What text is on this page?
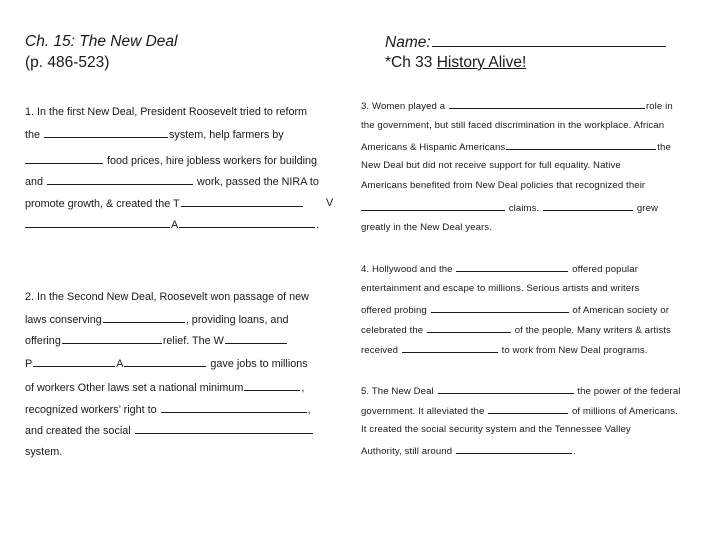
Ch. 15: The New Deal
(p. 486-523)
Name:
*Ch 33 History Alive!
1. In the first New Deal, President Roosevelt tried to reform
the	system, help farmers by
food prices, hire jobless workers for building
and	work, passed the NIRA to
promote growth, & created the T	V
A	.
2. In the Second New Deal, Roosevelt won passage of new
laws conserving	, providing loans, and
offering	relief. The W
P	A	gave jobs to millions
of workers Other laws set a national minimum	,
recognized workers’ right to	,
and created the social
system.
3. Women played a	role in
the government, but still faced discrimination in the workplace. African
Americans & Hispanic Americans	the
New Deal but did not receive support for full equality. Native
Americans benefited from New Deal policies that recognized their
claims.	grew
greatly in the New Deal years.
4. Hollywood and the	offered popular
entertainment and escape to millions. Serious artists and writers
offered probing	of American society or
celebrated the	of the people. Many writers & artists
received	to work from New Deal programs.
5. The New Deal	the power of the federal
government. It alleviated the	of millions of Americans.
It created the social security system and the Tennessee Valley
Authority, still around	.
